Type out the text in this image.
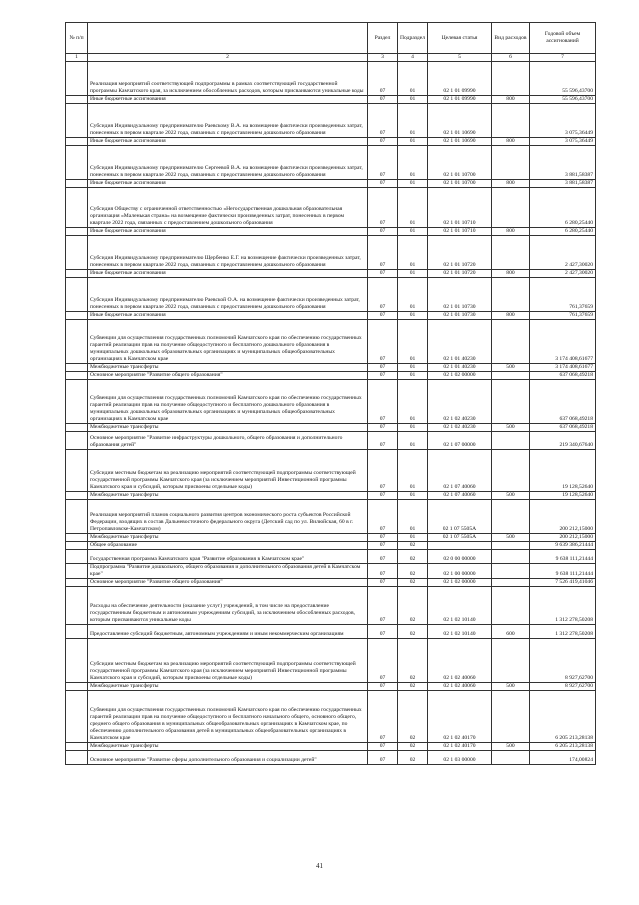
№ п/п		Раздел	Подраздел	Целевая статья	Вид расходов	Годовой объем ассигнований
1	2	3	4	5	6	7
	Реализация мероприятий соответствующей подпрограммы в рамках соответствующей государственной программы Камчатского края, за исключением обособленных расходов, которым присваиваются уникальные коды	07	01	02 1 01 09990		55 596,43700
	Иные бюджетные ассигнования	07	01	02 1 01 09990	800	55 596,43700
	Субсидия Индивидуальному предпринимателю Раевскому В.А. на возмещение фактически произведенных затрат, понесенных в первом квартале 2022 года, связанных с предоставлением дошкольного образования	07	01	02 1 01 10690		3 075,36449
	Иные бюджетные ассигнования	07	01	02 1 01 10690	800	3 075,36449
	Субсидия Индивидуальному предпринимателю Сергеевой В.А. на возмещение фактически произведенных затрат, понесенных в первом квартале 2022 года, связанных с предоставлением дошкольного образования	07	01	02 1 01 10700		3 881,58387
	Иные бюджетные ассигнования	07	01	02 1 01 10700	800	3 881,58387
	Субсидия Обществу с ограниченной ответственностью «Негосударственная дошкольная образовательная организация «Маленькая страна» на возмещение фактически произведенных затрат, понесенных в первом квартале 2022 года, связанных с предоставлением дошкольного образования	07	01	02 1 01 10710		6 280,25440
	Иные бюджетные ассигнования	07	01	02 1 01 10710	800	6 280,25440
	Субсидия Индивидуальному предпринимателю Щербенко Е.Г. на возмещение фактически произведенных затрат, понесенных в первом квартале 2022 года, связанных с предоставлением дошкольного образования	07	01	02 1 01 10720		2 427,30020
	Иные бюджетные ассигнования	07	01	02 1 01 10720	800	2 427,30020
	Субсидия Индивидуальному предпринимателю Раевской О.А. на возмещение фактически произведенных затрат, понесенных в первом квартале 2022 года, связанных с предоставлением дошкольного образования	07	01	02 1 01 10730		761,37659
	Иные бюджетные ассигнования	07	01	02 1 01 10730	800	761,37659
	Субвенции для осуществления государственных полномочий Камчатского края по обеспечению государственных гарантий реализации прав на получение общедоступного и бесплатного дошкольного образования в муниципальных дошкольных образовательных организациях и муниципальных общеобразовательных организациях в Камчатском крае	07	01	02 1 01 40230		3 174 408,61677
	Межбюджетные трансферты	07	01	02 1 01 40230	500	3 174 408,61677
	Основное мероприятие "Развитие общего образования"	07	01	02 1 02 00000		637 068,49218
	Субвенции для осуществления государственных полномочий Камчатского края по обеспечению государственных гарантий реализации прав на получение общедоступного и бесплатного дошкольного образования в муниципальных дошкольных образовательных организациях и муниципальных общеобразовательных организациях в Камчатском крае	07	01	02 1 02 40230		637 068,49218
	Межбюджетные трансферты	07	01	02 1 02 40230	500	637 068,49218
	Основное мероприятие "Развитие инфраструктуры дошкольного, общего образования и дополнительного образования детей"	07	01	02 1 07 00000		219 340,67640
	Субсидии местным бюджетам на реализацию мероприятий соответствующей подпрограммы соответствующей государственной программы Камчатского края (за исключением мероприятий Инвестиционной программы Камчатского края и субсидий, которым присвоены отдельные коды)	07	01	02 1 07 40060		19 128,52640
	Межбюджетные трансферты	07	01	02 1 07 40060	500	19 128,52640
	Реализация мероприятий планов социального развития центров экономического роста субъектов Российской Федерации, входящих в состав Дальневосточного федерального округа (Детский сад по ул. Вилюйская, 60 в г. Петропавловске-Камчатском)	07	01	02 1 07 5505А		200 212,15000
	Межбюджетные трансферты	07	01	02 1 07 5505А	500	200 212,15000
	Общее образование	07	02			9 639 386,21444
	Государственная программа Камчатского края "Развитие образования в Камчатском крае"	07	02	02 0 00 00000		9 638 111,21444
	Подпрограмма "Развитие дошкольного, общего образования и дополнительного образования детей в Камчатском крае"	07	02	02 1 00 00000		9 638 111,21444
	Основное мероприятие "Развитие общего образования"	07	02	02 1 02 00000		7 526 419,41046
	Расходы на обеспечение деятельности (оказание услуг) учреждений, в том числе на предоставление государственным бюджетным и автономным учреждениям субсидий, за исключением обособленных расходов, которым присваиваются уникальные коды	07	02	02 1 02 10140		1 312 278,50208
	Предоставление субсидий бюджетным, автономным учреждениям и иным некоммерческим организациям	07	02	02 1 02 10140	600	1 312 278,50208
	Субсидии местным бюджетам на реализацию мероприятий соответствующей подпрограммы соответствующей государственной программы Камчатского края (за исключением мероприятий Инвестиционной программы Камчатского края и субсидий, которым присвоены отдельные коды)	07	02	02 1 02 40060		8 927,62700
	Межбюджетные трансферты	07	02	02 1 02 40060	500	8 927,62700
	Субвенции для осуществления государственных полномочий Камчатского края по обеспечению государственных гарантий реализации прав на получение общедоступного и бесплатного начального общего, основного общего, среднего общего образования в муниципальных общеобразовательных организациях в Камчатском крае, по обеспечению дополнительного образования детей в муниципальных общеобразовательных организациях в Камчатском крае	07	02	02 1 02 40170		6 205 213,28138
	Межбюджетные трансферты	07	02	02 1 02 40170	500	6 205 213,28138
	Основное мероприятие "Развитие сферы дополнительного образования и социализации детей"	07	02	02 1 03 00000		174,00824
41
